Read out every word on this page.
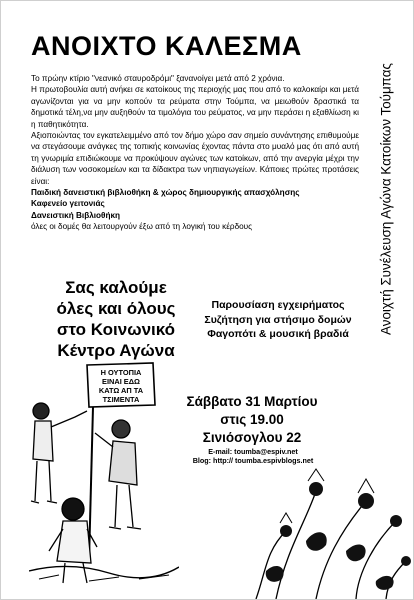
ΑΝΟΙΧΤΟ ΚΑΛΕΣΜΑ
Ανοιχτή Συνέλευση Αγώνα Κατοίκων Τούμπας

Το πρώην κτίριο "νεανικό σταυροδρόμι" ξανανοίγει μετά από 2 χρόνια.

Η πρωτοβουλία αυτή ανήκει σε κατοίκους της περιοχής μας που από το καλοκαίρι και μετά αγωνίζονται για να μην κοπούν τα ρεύματα στην Τούμπα, να μειωθούν δραστικά τα δημοτικά τέλη,να μην αυξηθούν τα τιμολόγια του ρεύματος, να μην περάσει η εξαθλίωση κι η παθητικότητα.

Αξιοποιώντας τον εγκατελειμμένο από τον δήμο χώρο σαν σημείο συνάντησης επιθυμούμε να στεγάσουμε ανάγκες της τοπικής κοινωνίας έχοντας πάντα στο μυαλό μας ότι από αυτή τη γνωριμία επιδιώκουμε να προκύψουν αγώνες των κατοίκων, από την ανεργία μέχρι την διάλυση των νοσοκομείων και τα δίδακτρα των νηπιαγωγείων. Κάποιες πρώτες προτάσεις είναι:

Παιδική δανειστική βιβλιοθήκη & χώρος δημιουργικής απασχόλησης

Καφενείο γειτονιάς

Δανειστική Βιβλιοθήκη

όλες οι δομές θα λειτουργούν έξω από τη λογική του κέρδους

Σας καλούμε
όλες και όλους
στο Κοινωνικό
Κέντρο Αγώνα
Παρουσίαση εγχειρήματος
Συζήτηση για στήσιμο δομών
Φαγοπότι & μουσική βραδιά
Σάββατο 31 Μαρτίου
στις 19.00
Σινιόσογλου 22
E-mail: toumba@espiv.net
Blog: http:// toumba.espivblogs.net
Η ΟΥΤΟΠΙΑ
ΕΙΝΑΙ ΕΔΩ
ΚΑΤΩ ΑΠ ΤΑ
ΤΣΙΜΕΝΤΑ
